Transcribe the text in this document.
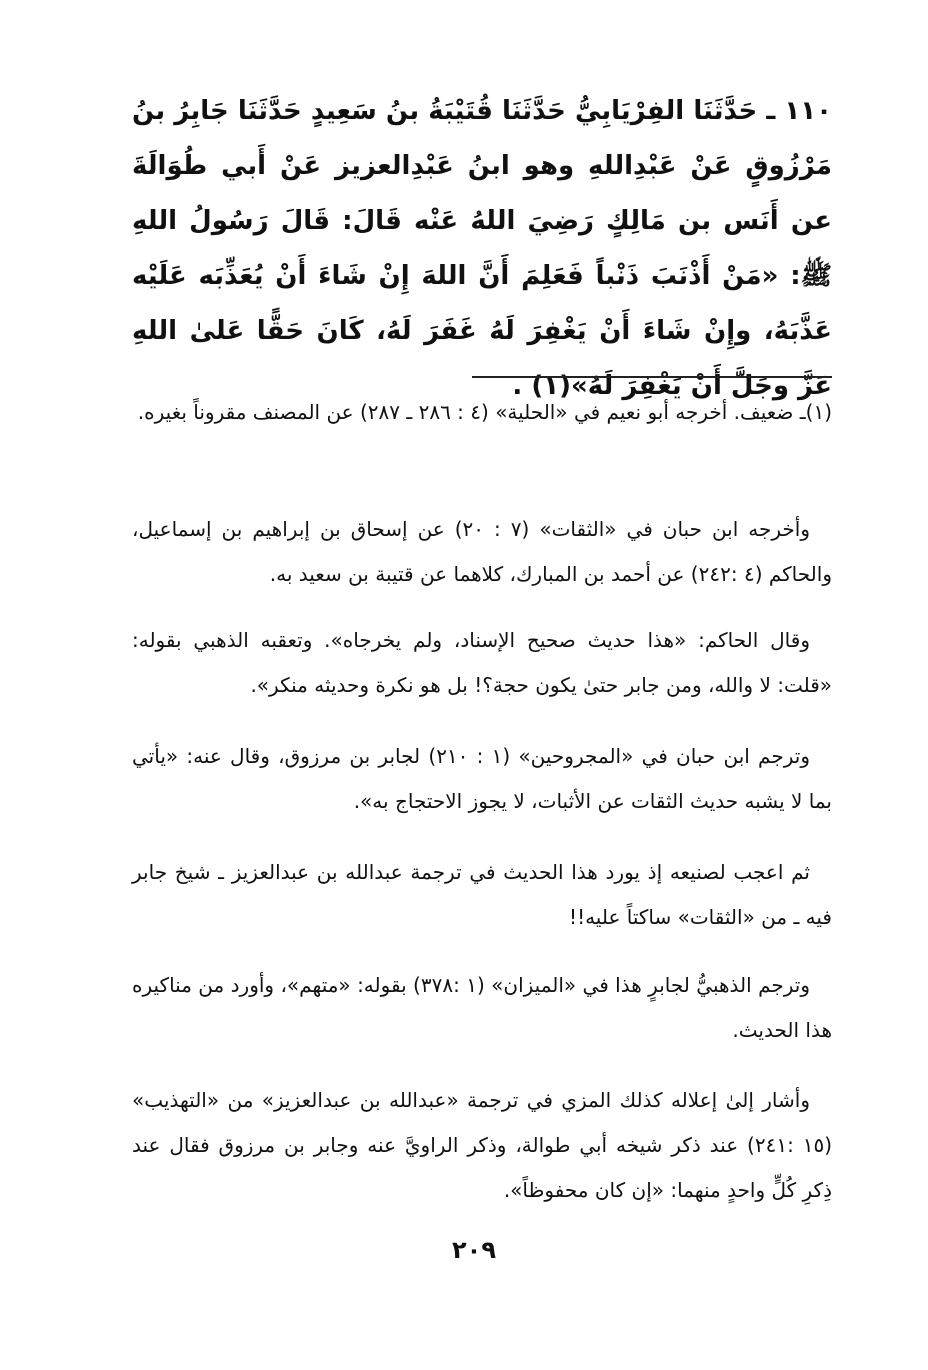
١١٠ ـ حَدَّثَنَا الفِرْيَابِيُّ حَدَّثَنَا قُتَيْبَةُ بنُ سَعِيدٍ حَدَّثَنَا جَابِرُ بنُ مَرْزُوقٍ عَنْ عَبْدِاللهِ وهو ابنُ عَبْدِالعزيز عَنْ أَبي طُوَالَةَ عن أَنَس بن مَالِكٍ رَضِيَ اللهُ عَنْه قَالَ: قَالَ رَسُولُ اللهِ ﷺ: «مَنْ أَذْنَبَ ذَنْباً فَعَلِمَ أَنَّ اللهَ إِنْ شَاءَ أَنْ يُعَذِّبَه عَلَيْه عَذَّبَهُ، وإِنْ شَاءَ أَنْ يَغْفِرَ لَهُ غَفَرَ لَهُ، كَانَ حَقًّا عَلىٰ اللهِ عَزَّ وجَلَّ أَنْ يَغْفِرَ لَهُ»(١) .
(١)ـ ضعيف. أخرجه أبو نعيم في «الحلية» (٤ : ٢٨٦ ـ ٢٨٧) عن المصنف مقروناً بغيره.
وأخرجه ابن حبان في «الثقات» (٧ : ٢٠) عن إسحاق بن إبراهيم بن إسماعيل، والحاكم (٤ :٢٤٢) عن أحمد بن المبارك، كلاهما عن قتيبة بن سعيد به.
وقال الحاكم: «هذا حديث صحيح الإسناد، ولم يخرجاه». وتعقبه الذهبي بقوله: «قلت: لا والله، ومن جابر حتىٰ يكون حجة؟! بل هو نكرة وحديثه منكر».
وترجم ابن حبان في «المجروحين» (١ : ٢١٠) لجابر بن مرزوق، وقال عنه: «يأتي بما لا يشبه حديث الثقات عن الأثبات، لا يجوز الاحتجاج به».
ثم اعجب لصنيعه إذ يورد هذا الحديث في ترجمة عبدالله بن عبدالعزيز ـ شيخ جابر فيه ـ من «الثقات» ساكتاً عليه!!
وترجم الذهبيُّ لجابرٍ هذا في «الميزان» (١ :٣٧٨) بقوله: «متهم»، وأورد من مناكيره هذا الحديث.
وأشار إلىٰ إعلاله كذلك المزي في ترجمة «عبدالله بن عبدالعزيز» من «التهذيب» (١٥ :٢٤١) عند ذكر شيخه أبي طوالة، وذكر الراويَّ عنه وجابر بن مرزوق فقال عند ذِكرِ كُلٍّ واحدٍ منهما: «إن كان محفوظاً».
٢٠٩
